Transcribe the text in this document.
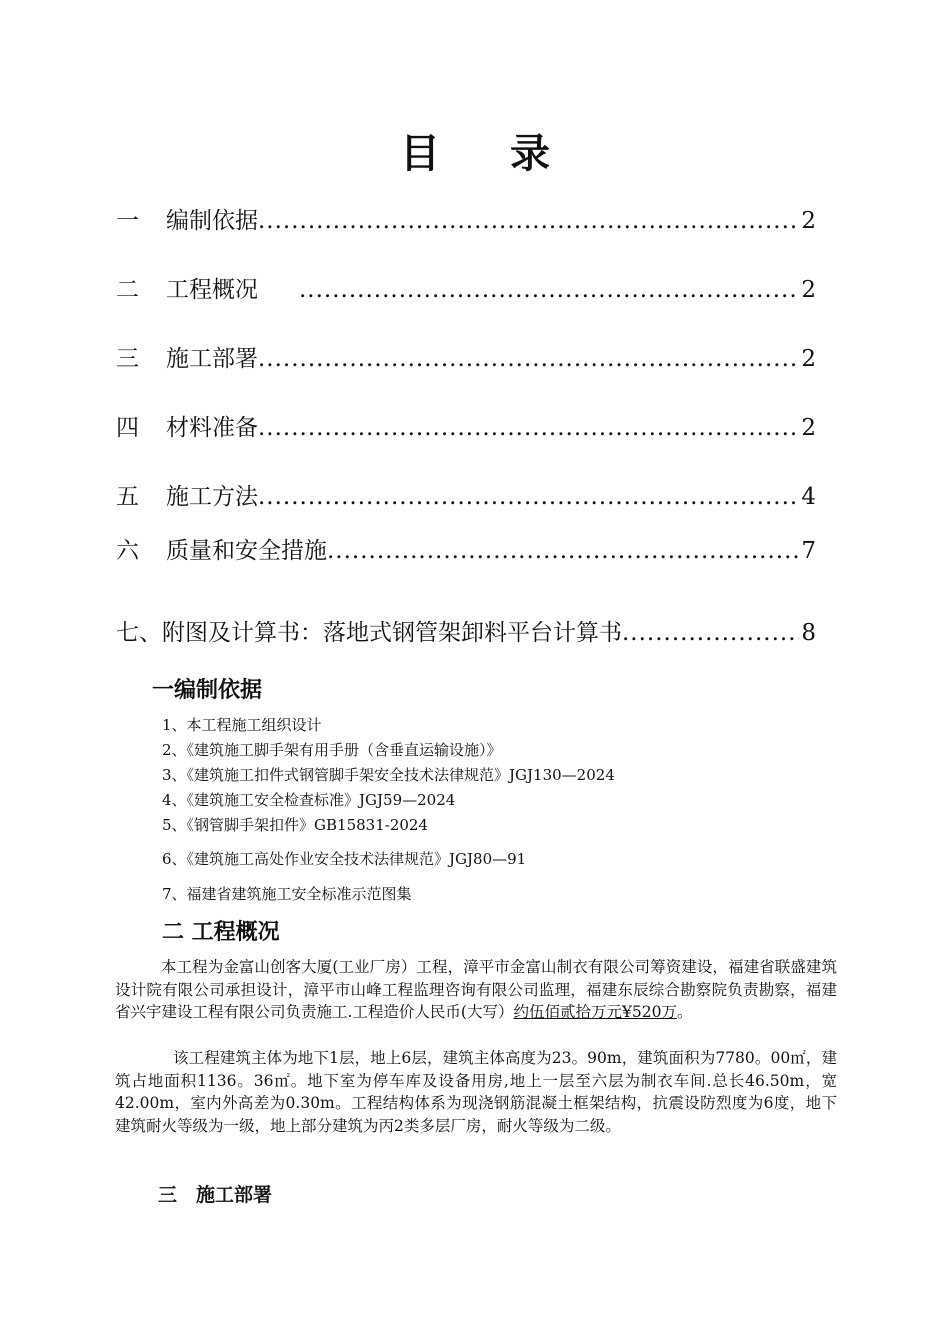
目 录
一	编制依据 .....	2
二	工程概况　 .....	2
三	施工部署 .....	2
四	材料准备 .....	2
五	施工方法 .....	4
六	质量和安全措施 .....	7
七、附图及计算书：落地式钢管架卸料平台计算书 .....	8
一编制依据
1、本工程施工组织设计
2、《建筑施工脚手架有用手册（含垂直运输设施）》
3、《建筑施工扣件式钢管脚手架安全技术法律规范》JGJ130—2024
4、《建筑施工安全检查标准》JGJ59—2024
5、《钢管脚手架扣件》GB15831-2024
6、《建筑施工高处作业安全技术法律规范》JGJ80—91
7、福建省建筑施工安全标准示范图集
二 工程概况
本工程为金富山创客大厦(工业厂房）工程，漳平市金富山制衣有限公司筹资建设，福建省联盛建筑设计院有限公司承担设计，漳平市山峰工程监理咨询有限公司监理，福建东辰综合勘察院负责勘察，福建省兴宇建设工程有限公司负责施工.工程造价人民币(大写）约伍佰贰拾万元¥520万。
该工程建筑主体为地下1层，地上6层，建筑主体高度为23。90m，建筑面积为7780。00㎡，建筑占地面积1136。36㎡。地下室为停车库及设备用房,地上一层至六层为制衣车间.总长46.50m，宽42.00m，室内外高差为0.30m。工程结构体系为现浇钢筋混凝土框架结构，抗震设防烈度为6度，地下建筑耐火等级为一级，地上部分建筑为丙2类多层厂房，耐火等级为二级。
三　施工部署
